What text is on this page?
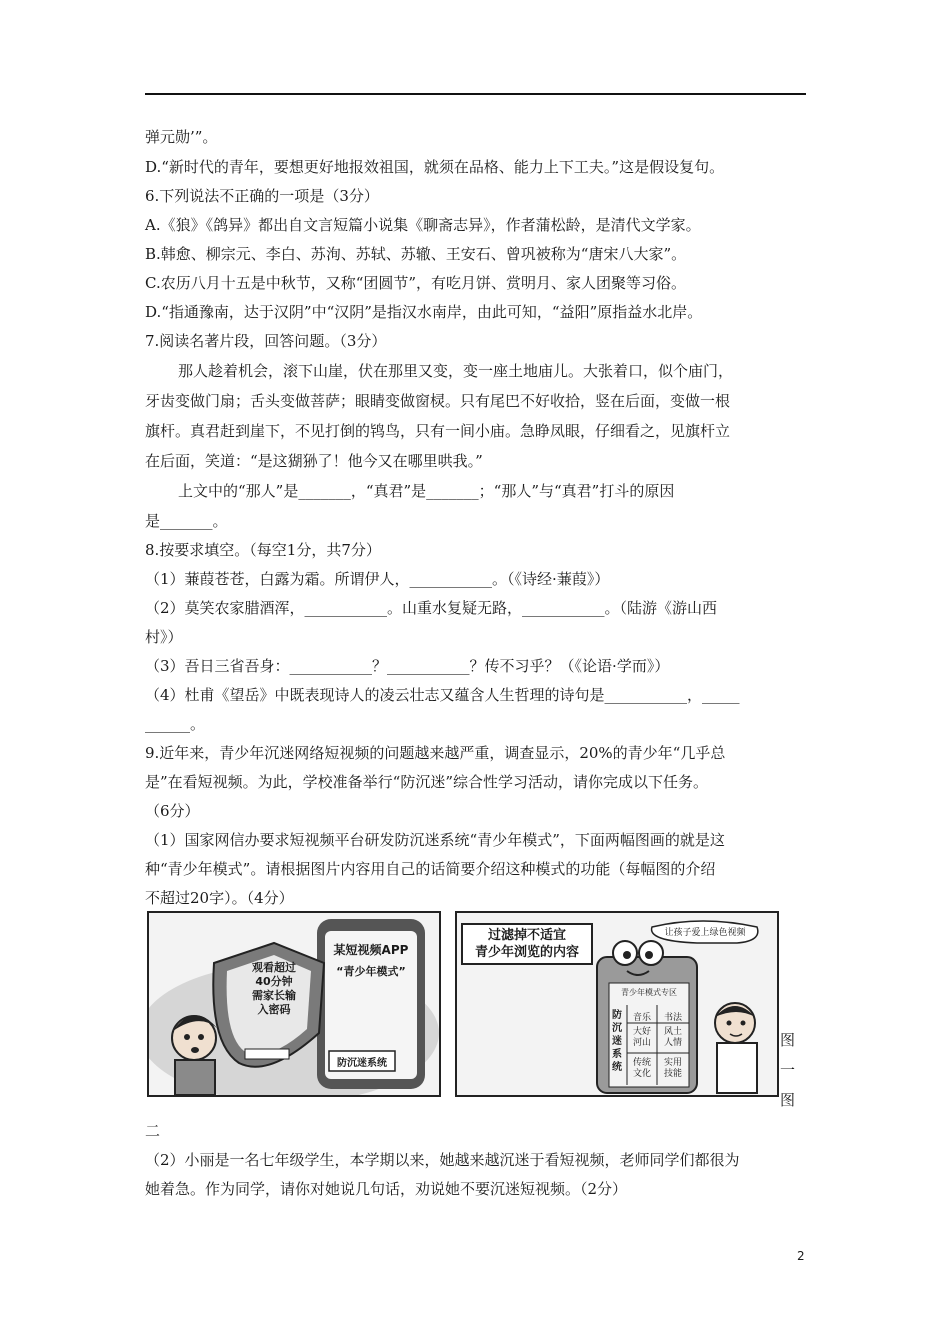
弹元勋’”。
D.“新时代的青年，要想更好地报效祖国，就须在品格、能力上下工夫。”这是假设复句。
6.下列说法不正确的一项是（3分）
A.《狼》《鸽异》都出自文言短篇小说集《聊斋志异》，作者蒲松龄，是清代文学家。
B.韩愈、柳宗元、李白、苏洵、苏轼、苏辙、王安石、曾巩被称为“唐宋八大家”。
C.农历八月十五是中秋节，又称“团圆节”，有吃月饼、赏明月、家人团聚等习俗。
D.“指通豫南，达于汉阴”中“汉阴”是指汉水南岸，由此可知，“益阳”原指益水北岸。
7.阅读名著片段，回答问题。（3分）
那人趁着机会，滚下山崖，伏在那里又变，变一座土地庙儿。大张着口，似个庙门，
牙齿变做门扇；舌头变做菩萨；眼睛变做窗棂。只有尾巴不好收拾，竖在后面，变做一根
旗杆。真君赶到崖下，不见打倒的鸨鸟，只有一间小庙。急睁凤眼，仔细看之，见旗杆立
在后面，笑道：“是这猢狲了！他今又在哪里哄我。”
上文中的“那人”是_______，“真君”是_______；“那人”与“真君”打斗的原因
是_______。
8.按要求填空。（每空1分，共7分）
（1）蒹葭苍苍，白露为霜。所谓伊人，___________。（《诗经·蒹葭》）
（2）莫笑农家腊酒浑，___________。山重水复疑无路，___________。（陆游《游山西
村》）
（3）吾日三省吾身：___________？___________？传不习乎？（《论语·学而》）
（4）杜甫《望岳》中既表现诗人的凌云壮志又蕴含人生哲理的诗句是___________，_____
______。
9.近年来，青少年沉迷网络短视频的问题越来越严重，调查显示，20%的青少年“几乎总
是”在看短视频。为此，学校准备举行“防沉迷”综合性学习活动，请你完成以下任务。
（6分）
（1）国家网信办要求短视频平台研发防沉迷系统“青少年模式”，下面两幅图画的就是这
种“青少年模式”。请根据图片内容用自己的话简要介绍这种模式的功能（每幅图的介绍
不超过20字）。（4分）
某短视频APP
“青少年模式”
观看超过
40分钟
需家长输
入密码
防沉迷系统
过滤掉不适宜
青少年浏览的内容
让孩子爱上绿色视频
青少年模式专区
防沉迷系统
音乐	书法
大好河山
风土人情
传统文化
实用技能
图
一
图
二
（2）小丽是一名七年级学生，本学期以来，她越来越沉迷于看短视频，老师同学们都很为
她着急。作为同学，请你对她说几句话，劝说她不要沉迷短视频。（2分）
2
